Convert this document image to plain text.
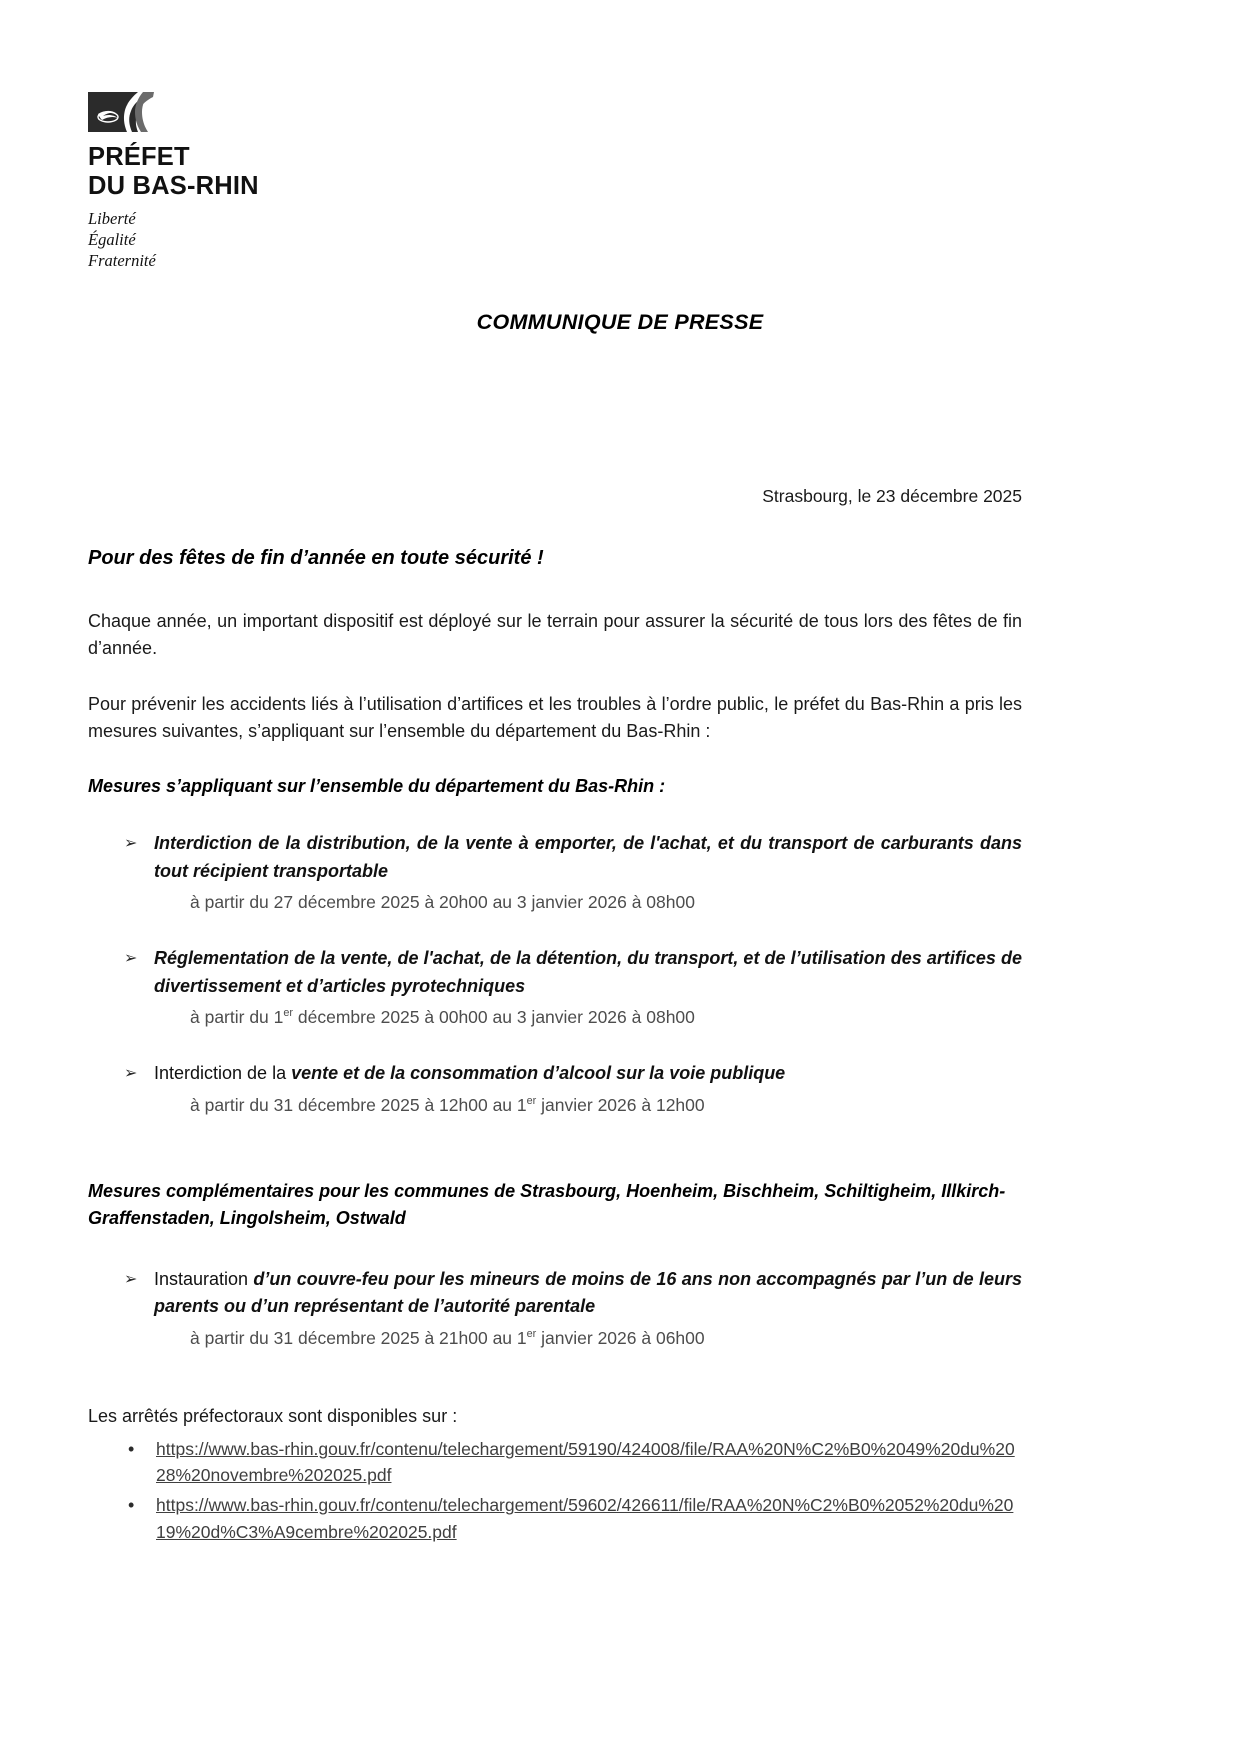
PRÉFET
DU BAS-RHIN
Liberté
Égalité
Fraternité
COMMUNIQUE DE PRESSE
Strasbourg, le 23 décembre 2025
Pour des fêtes de fin d’année en toute sécurité !

Chaque année, un important dispositif est déployé sur le terrain pour assurer la sécurité de tous lors des fêtes de fin d’année.

Pour prévenir les accidents liés à l’utilisation d’artifices et les troubles à l’ordre public, le préfet du Bas-Rhin a pris les mesures suivantes, s’appliquant sur l’ensemble du département du Bas-Rhin :

Mesures s’appliquant sur l’ensemble du département du Bas-Rhin :
➢ Interdiction de la distribution, de la vente à emporter, de l'achat, et du transport de carburants dans tout récipient transportable
à partir du 27 décembre 2025 à 20h00 au 3 janvier 2026 à 08h00
➢ Réglementation de la vente, de l'achat, de la détention, du transport, et de l’utilisation des artifices de divertissement et d’articles pyrotechniques
à partir du 1er décembre 2025 à 00h00 au 3 janvier 2026 à 08h00
➢ Interdiction de la vente et de la consommation d’alcool sur la voie publique
à partir du 31 décembre 2025 à 12h00 au 1er janvier 2026 à 12h00
Mesures complémentaires pour les communes de Strasbourg, Hoenheim, Bischheim, Schiltigheim, Illkirch-Graffenstaden, Lingolsheim, Ostwald
➢ Instauration d’un couvre-feu pour les mineurs de moins de 16 ans non accompagnés par l’un de leurs parents ou d’un représentant de l’autorité parentale
à partir du 31 décembre 2025 à 21h00 au 1er janvier 2026 à 06h00
Les arrêtés préfectoraux sont disponibles sur :
• https://www.bas-rhin.gouv.fr/contenu/telechargement/59190/424008/file/RAA%20N%C2%B0%2049%20du%2028%20novembre%202025.pdf
• https://www.bas-rhin.gouv.fr/contenu/telechargement/59602/426611/file/RAA%20N%C2%B0%2052%20du%2019%20d%C3%A9cembre%202025.pdf
